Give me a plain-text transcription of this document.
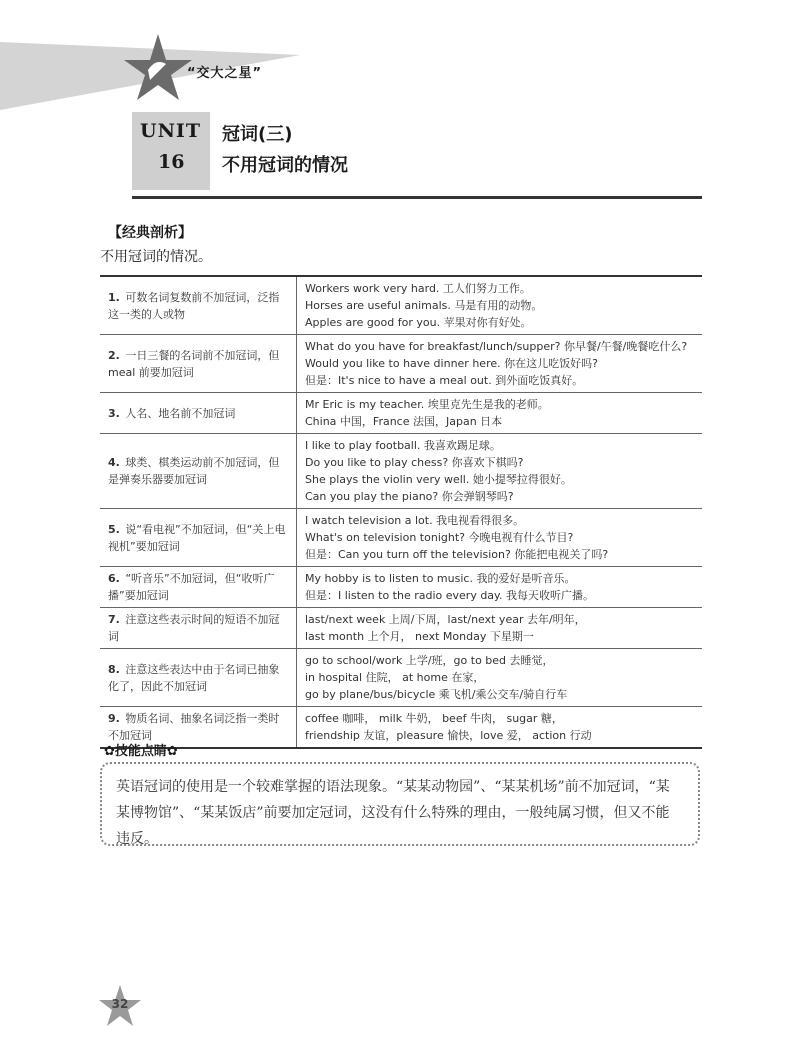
“交大之星”
UNIT
16
冠词(三)
不用冠词的情况
【经典剖析】
不用冠词的情况。
1. 可数名词复数前不加冠词，泛指这一类的人或物	Workers work very hard. 工人们努力工作。
Horses are useful animals. 马是有用的动物。
Apples are good for you. 苹果对你有好处。

2. 一日三餐的名词前不加冠词，但meal 前要加冠词	What do you have for breakfast/lunch/supper? 你早餐/午餐/晚餐吃什么?
Would you like to have dinner here. 你在这儿吃饭好吗?
但是：It's nice to have a meal out. 到外面吃饭真好。

3. 人名、地名前不加冠词	Mr Eric is my teacher. 埃里克先生是我的老师。
China 中国，France 法国，Japan 日本

4. 球类、棋类运动前不加冠词，但是弹奏乐器要加冠词	I like to play football. 我喜欢踢足球。
Do you like to play chess? 你喜欢下棋吗?
She plays the violin very well. 她小提琴拉得很好。
Can you play the piano? 你会弹钢琴吗?

5. 说“看电视”不加冠词，但“关上电视机”要加冠词	I watch television a lot. 我电视看得很多。
What's on television tonight? 今晚电视有什么节目?
但是：Can you turn off the television? 你能把电视关了吗?

6. “听音乐”不加冠词，但“收听广播”要加冠词	My hobby is to listen to music. 我的爱好是听音乐。
但是：I listen to the radio every day. 我每天收听广播。

7. 注意这些表示时间的短语不加冠词	last/next week 上周/下周，last/next year 去年/明年，
last month 上个月， next Monday 下星期一

8. 注意这些表达中由于名词已抽象化了，因此不加冠词	go to school/work 上学/班，go to bed 去睡觉，
in hospital 住院， at home 在家，
go by plane/bus/bicycle 乘飞机/乘公交车/骑自行车

9. 物质名词、抽象名词泛指一类时不加冠词	coffee 咖啡， milk 牛奶， beef 牛肉， sugar 糖，
friendship 友谊，pleasure 愉快，love 爱， action 行动
✿技能点睛✿
英语冠词的使用是一个较难掌握的语法现象。“某某动物园”、“某某机场”前不加冠词，“某某博物馆”、“某某饭店”前要加定冠词，这没有什么特殊的理由，一般纯属习惯，但又不能违反。
32
